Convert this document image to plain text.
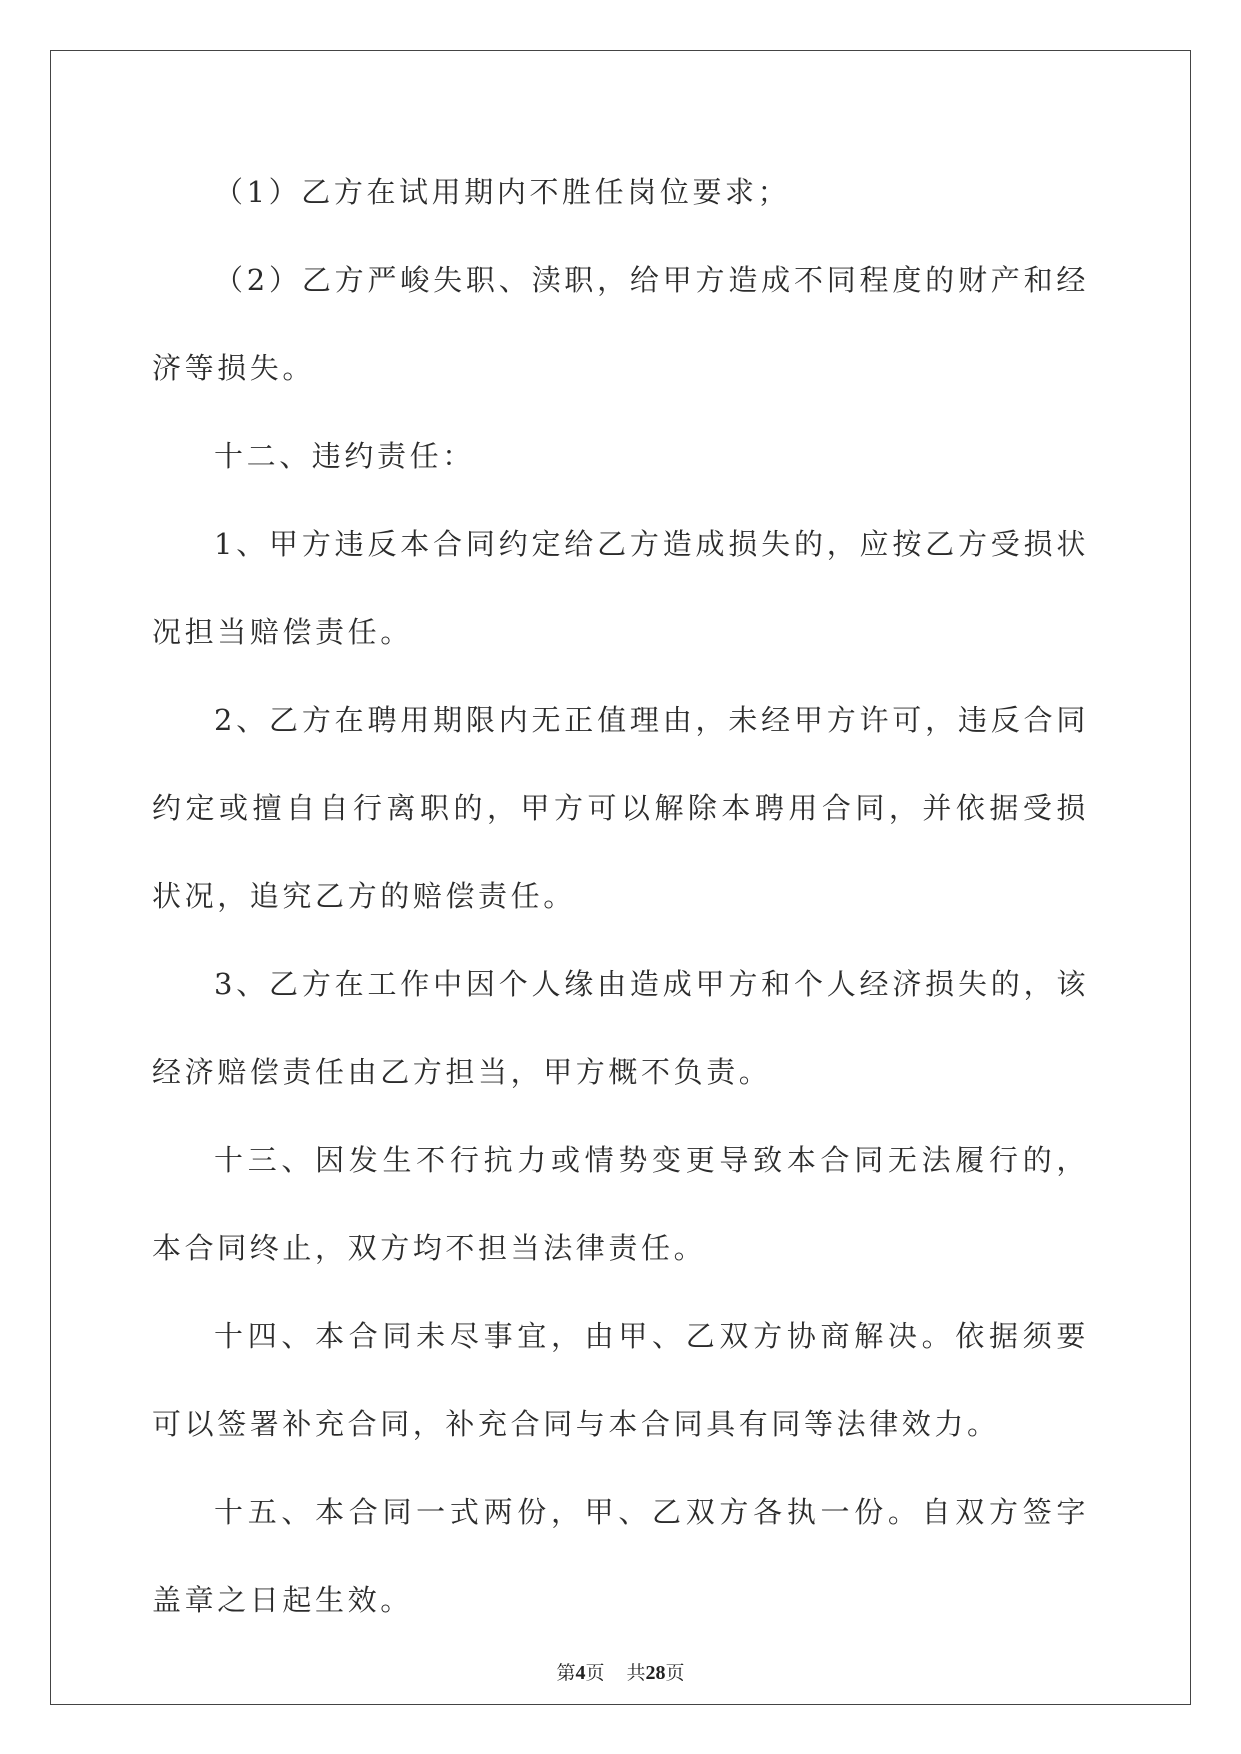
（1）乙方在试用期内不胜任岗位要求；

（2）乙方严峻失职、渎职，给甲方造成不同程度的财产和经济等损失。

十二、违约责任：

1、甲方违反本合同约定给乙方造成损失的，应按乙方受损状况担当赔偿责任。

2、乙方在聘用期限内无正值理由，未经甲方许可，违反合同约定或擅自自行离职的，甲方可以解除本聘用合同，并依据受损状况，追究乙方的赔偿责任。

3、乙方在工作中因个人缘由造成甲方和个人经济损失的，该经济赔偿责任由乙方担当，甲方概不负责。

十三、因发生不行抗力或情势变更导致本合同无法履行的，本合同终止，双方均不担当法律责任。

十四、本合同未尽事宜，由甲、乙双方协商解决。依据须要可以签署补充合同，补充合同与本合同具有同等法律效力。

十五、本合同一式两份，甲、乙双方各执一份。自双方签字盖章之日起生效。

第4页 共28页
